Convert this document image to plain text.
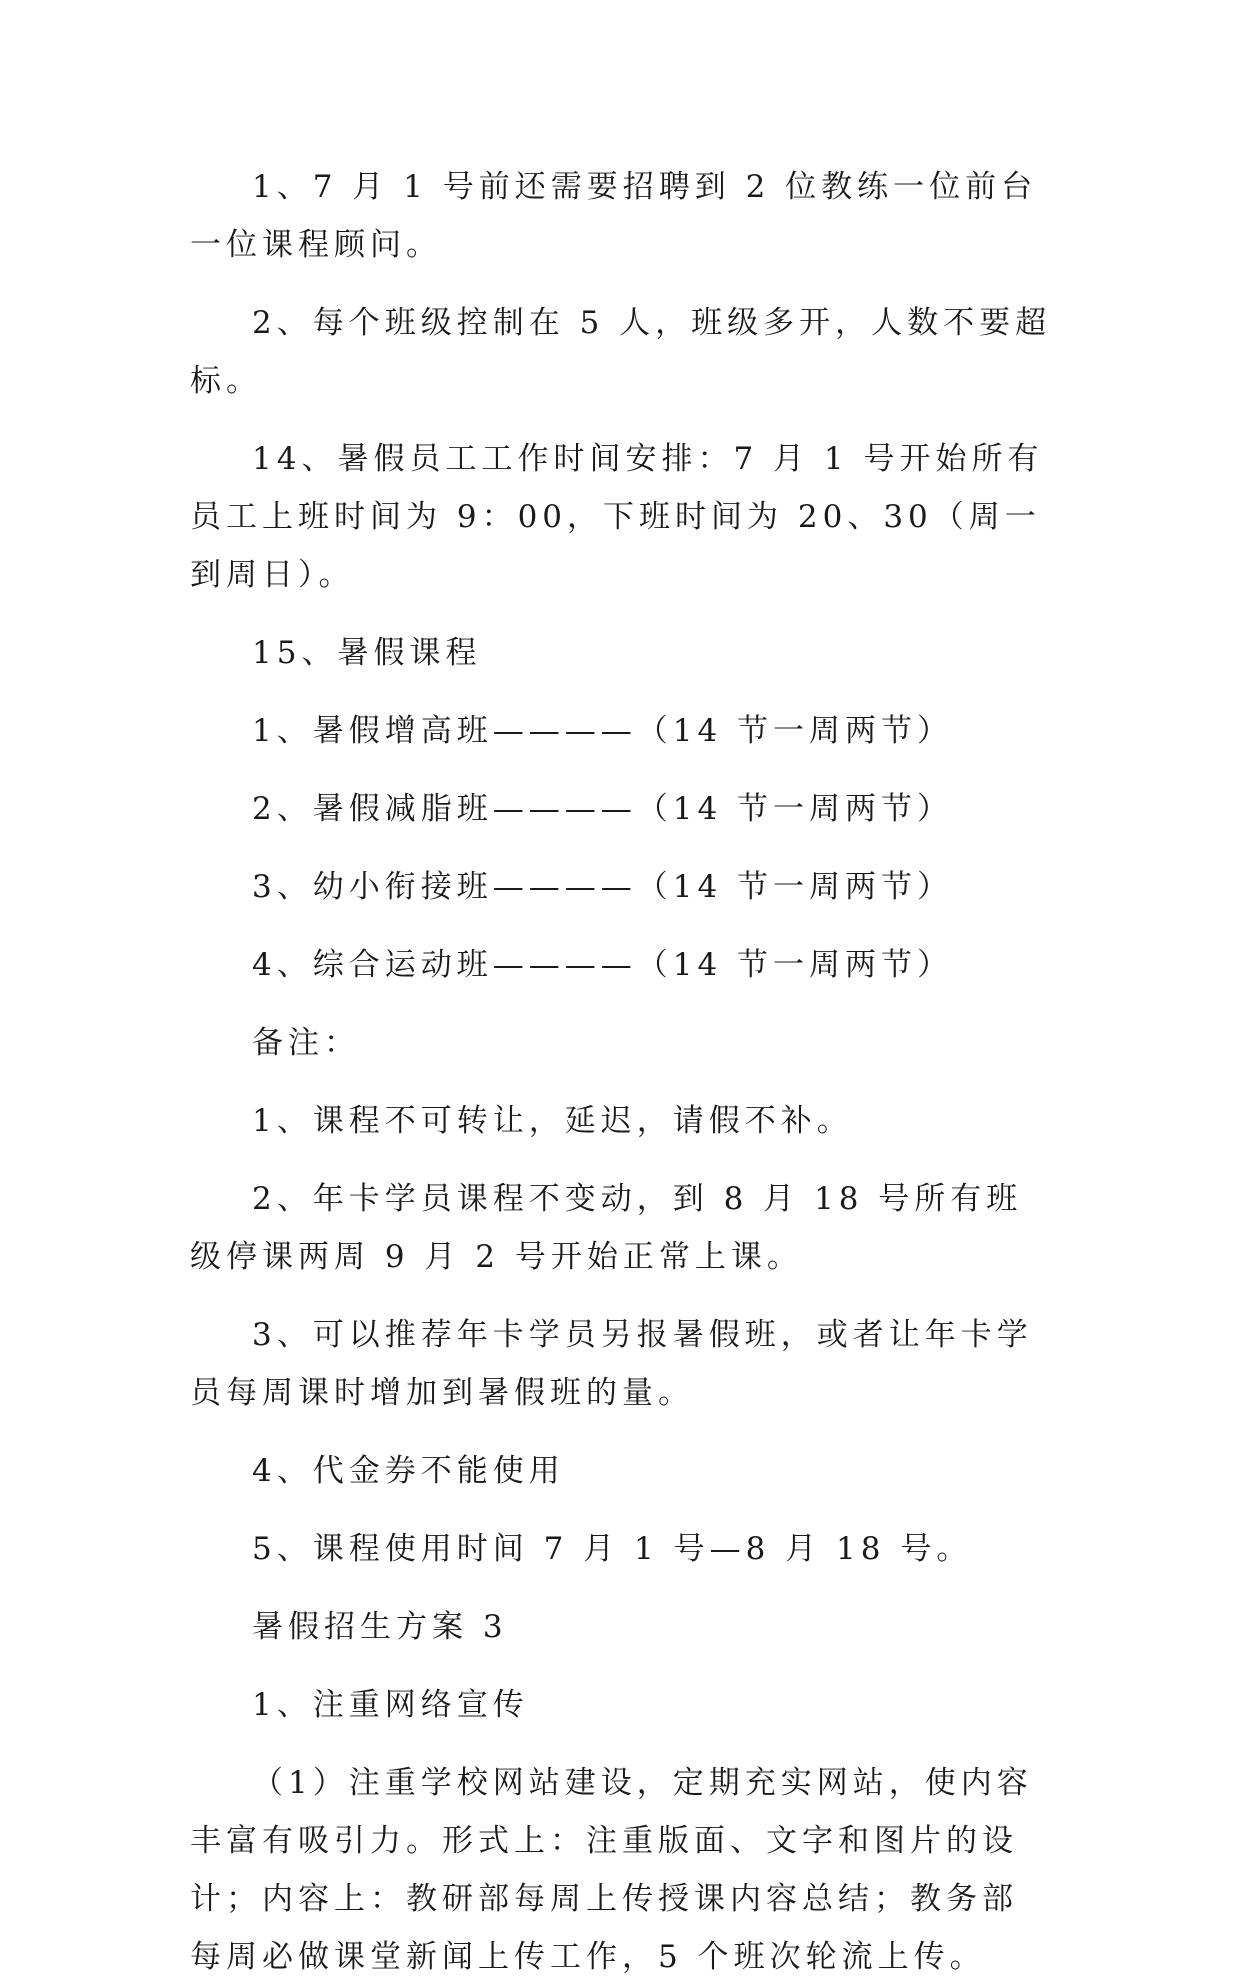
1、7 月 1 号前还需要招聘到 2 位教练一位前台一位课程顾问。

2、每个班级控制在 5 人，班级多开，人数不要超标。

14、暑假员工工作时间安排：7 月 1 号开始所有员工上班时间为 9：00，下班时间为 20、30（周一到周日）。

15、暑假课程

1、暑假增高班————（14 节一周两节）

2、暑假减脂班————（14 节一周两节）

3、幼小衔接班————（14 节一周两节）

4、综合运动班————（14 节一周两节）

备注：

1、课程不可转让，延迟，请假不补。

2、年卡学员课程不变动，到 8 月 18 号所有班级停课两周 9 月 2 号开始正常上课。

3、可以推荐年卡学员另报暑假班，或者让年卡学员每周课时增加到暑假班的量。

4、代金券不能使用

5、课程使用时间 7 月 1 号—8 月 18 号。

暑假招生方案 3

1、注重网络宣传

（1）注重学校网站建设，定期充实网站，使内容丰富有吸引力。形式上：注重版面、文字和图片的设计；内容上：教研部每周上传授课内容总结；教务部每周必做课堂新闻上传工作，5 个班次轮流上传。
